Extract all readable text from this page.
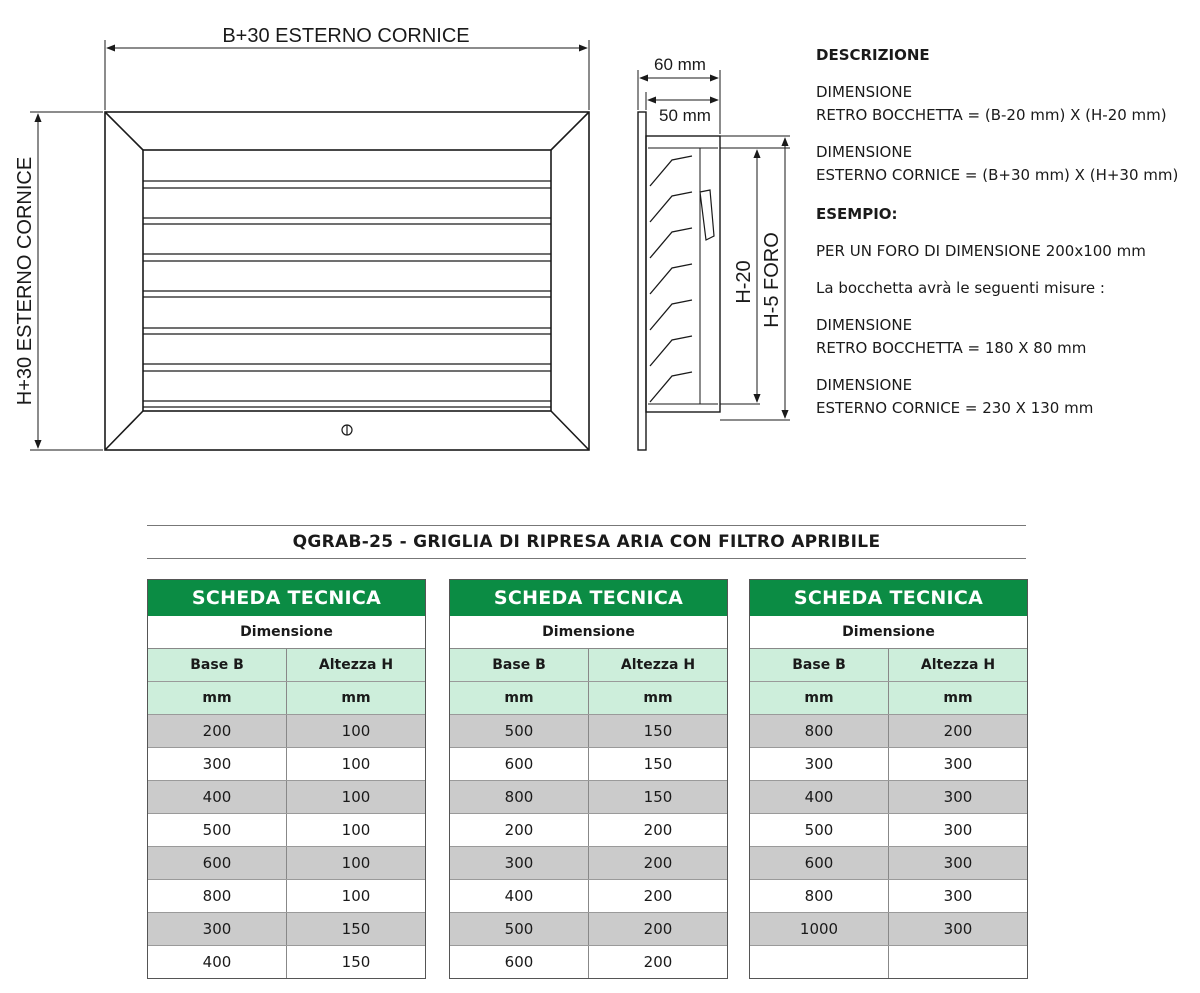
B+30 ESTERNO CORNICE
H+30 ESTERNO CORNICE
60 mm
50 mm
H-20 H-5 FORO

DESCRIZIONE

DIMENSIONE

RETRO BOCCHETTA = (B-20 mm) X (H-20 mm)

DIMENSIONE

ESTERNO CORNICE = (B+30 mm) X (H+30 mm)

ESEMPIO:

PER UN FORO DI DIMENSIONE 200x100 mm

La bocchetta avrà le seguenti misure :

DIMENSIONE

RETRO BOCCHETTA = 180 X 80 mm

DIMENSIONE

ESTERNO CORNICE = 230 X 130 mm

QGRAB-25 - GRIGLIA DI RIPRESA ARIA CON FILTRO APRIBILE
SCHEDA TECNICA
Dimensione
Base B	Altezza H
mm	mm
200	100
300	100
400	100
500	100
600	100
800	100
300	150
400	150
SCHEDA TECNICA
Dimensione
Base B	Altezza H
mm	mm
500	150
600	150
800	150
200	200
300	200
400	200
500	200
600	200
SCHEDA TECNICA
Dimensione
Base B	Altezza H
mm	mm
800	200
300	300
400	300
500	300
600	300
800	300
1000	300
